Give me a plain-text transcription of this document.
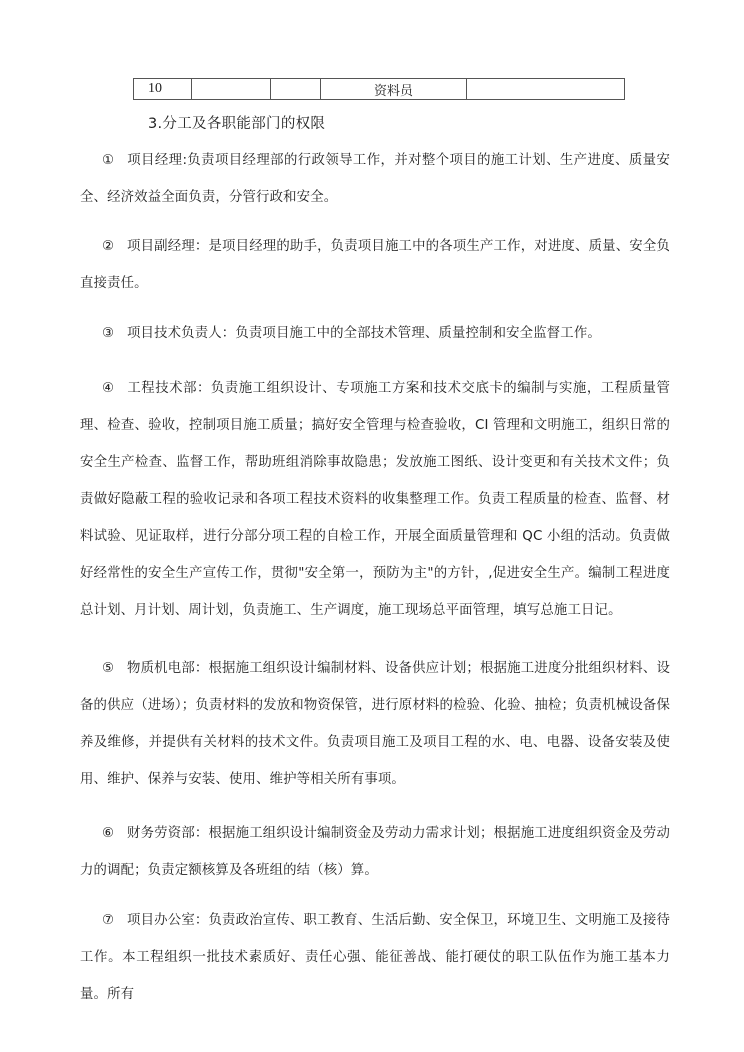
10			资料员	
3.分工及各职能部门的权限
① 项目经理:负责项目经理部的行政领导工作，并对整个项目的施工计划、生产进度、质量安全、经济效益全面负责，分管行政和安全。
② 项目副经理：是项目经理的助手，负责项目施工中的各项生产工作，对进度、质量、安全负直接责任。
③ 项目技术负责人：负责项目施工中的全部技术管理、质量控制和安全监督工作。
④ 工程技术部：负责施工组织设计、专项施工方案和技术交底卡的编制与实施，工程质量管理、检查、验收，控制项目施工质量；搞好安全管理与检查验收，CI 管理和文明施工，组织日常的安全生产检查、监督工作，帮助班组消除事故隐患；发放施工图纸、设计变更和有关技术文件；负责做好隐蔽工程的验收记录和各项工程技术资料的收集整理工作。负责工程质量的检查、监督、材料试验、见证取样，进行分部分项工程的自检工作，开展全面质量管理和 QC 小组的活动。负责做好经常性的安全生产宣传工作，贯彻"安全第一，预防为主"的方针，,促进安全生产。编制工程进度总计划、月计划、周计划，负责施工、生产调度，施工现场总平面管理，填写总施工日记。
⑤ 物质机电部：根据施工组织设计编制材料、设备供应计划；根据施工进度分批组织材料、设备的供应（进场）；负责材料的发放和物资保管，进行原材料的检验、化验、抽检；负责机械设备保养及维修，并提供有关材料的技术文件。负责项目施工及项目工程的水、电、电器、设备安装及使用、维护、保养与安装、使用、维护等相关所有事项。
⑥ 财务劳资部：根据施工组织设计编制资金及劳动力需求计划；根据施工进度组织资金及劳动力的调配；负责定额核算及各班组的结（核）算。
⑦ 项目办公室：负责政治宣传、职工教育、生活后勤、安全保卫，环境卫生、文明施工及接待工作。本工程组织一批技术素质好、责任心强、能征善战、能打硬仗的职工队伍作为施工基本力量。所有
